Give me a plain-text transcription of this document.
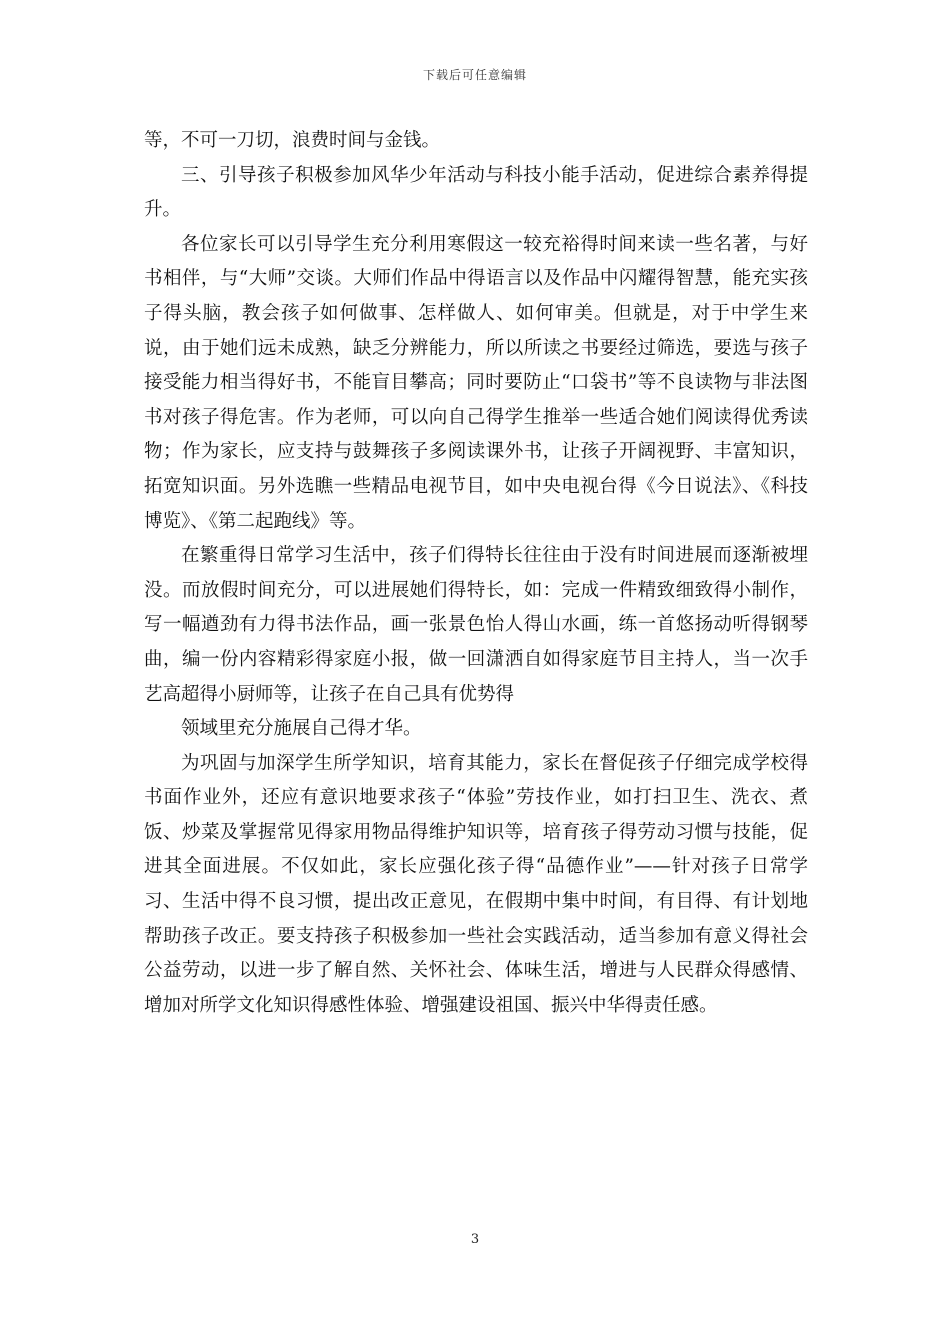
下载后可任意编辑

等，不可一刀切，浪费时间与金钱。

三、引导孩子积极参加风华少年活动与科技小能手活动，促进综合素养得提升。

各位家长可以引导学生充分利用寒假这一较充裕得时间来读一些名著，与好书相伴，与“大师”交谈。大师们作品中得语言以及作品中闪耀得智慧，能充实孩子得头脑，教会孩子如何做事、怎样做人、如何审美。但就是，对于中学生来说，由于她们远未成熟，缺乏分辨能力，所以所读之书要经过筛选，要选与孩子接受能力相当得好书，不能盲目攀高；同时要防止“口袋书”等不良读物与非法图书对孩子得危害。作为老师，可以向自己得学生推举一些适合她们阅读得优秀读物；作为家长，应支持与鼓舞孩子多阅读课外书，让孩子开阔视野、丰富知识，拓宽知识面。另外选瞧一些精品电视节目，如中央电视台得《今日说法》、《科技博览》、《第二起跑线》等。

在繁重得日常学习生活中，孩子们得特长往往由于没有时间进展而逐渐被埋没。而放假时间充分，可以进展她们得特长，如：完成一件精致细致得小制作，写一幅遒劲有力得书法作品，画一张景色怡人得山水画，练一首悠扬动听得钢琴曲，编一份内容精彩得家庭小报，做一回潇洒自如得家庭节目主持人，当一次手艺高超得小厨师等，让孩子在自己具有优势得

领域里充分施展自己得才华。

为巩固与加深学生所学知识，培育其能力，家长在督促孩子仔细完成学校得书面作业外，还应有意识地要求孩子“体验”劳技作业，如打扫卫生、洗衣、煮饭、炒菜及掌握常见得家用物品得维护知识等，培育孩子得劳动习惯与技能，促进其全面进展。不仅如此，家长应强化孩子得“品德作业”——针对孩子日常学习、生活中得不良习惯，提出改正意见，在假期中集中时间，有目得、有计划地帮助孩子改正。要支持孩子积极参加一些社会实践活动，适当参加有意义得社会公益劳动，以进一步了解自然、关怀社会、体味生活，增进与人民群众得感情、增加对所学文化知识得感性体验、增强建设祖国、振兴中华得责任感。

3
